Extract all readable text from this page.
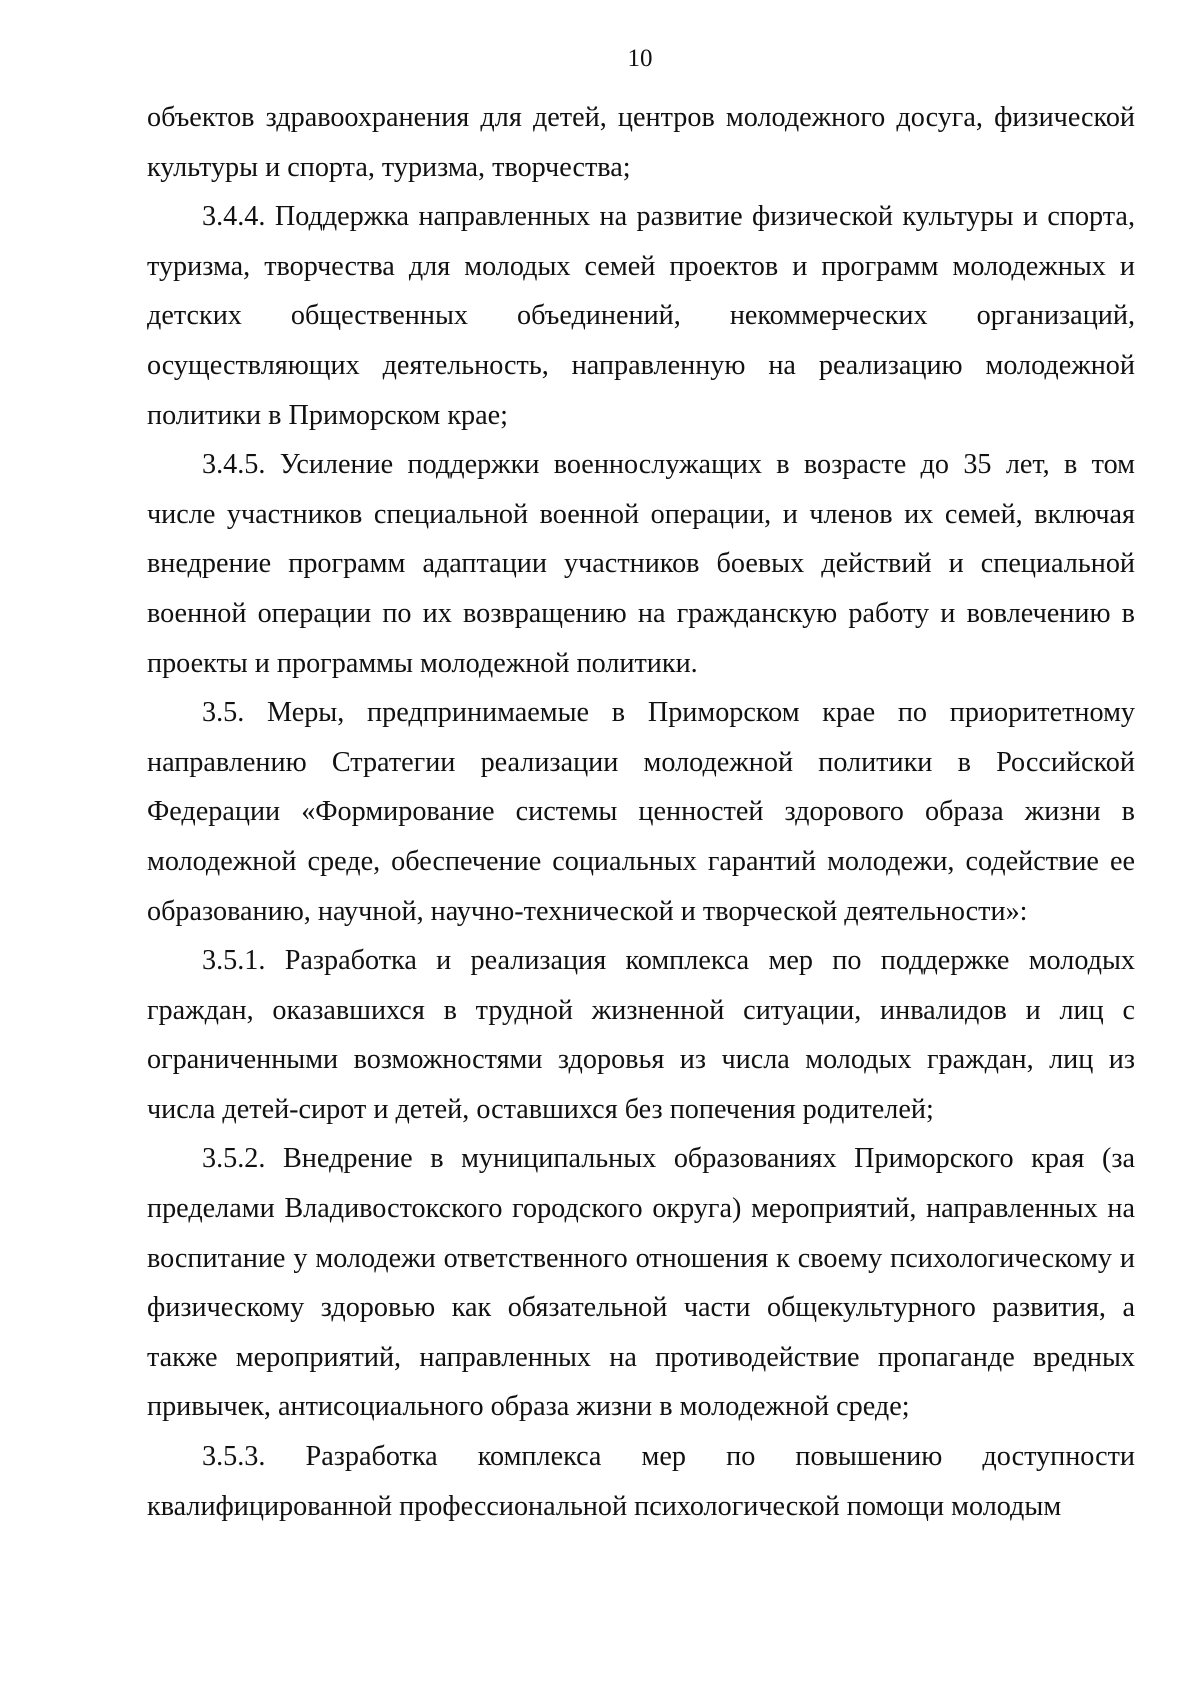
10

объектов здравоохранения для детей, центров молодежного досуга, физической культуры и спорта, туризма, творчества;

3.4.4. Поддержка направленных на развитие физической культуры и спорта, туризма, творчества для молодых семей проектов и программ молодежных и детских общественных объединений, некоммерческих организаций, осуществляющих деятельность, направленную на реализацию молодежной политики в Приморском крае;

3.4.5. Усиление поддержки военнослужащих в возрасте до 35 лет, в том числе участников специальной военной операции, и членов их семей, включая внедрение программ адаптации участников боевых действий и специальной военной операции по их возвращению на гражданскую работу и вовлечению в проекты и программы молодежной политики.

3.5. Меры, предпринимаемые в Приморском крае по приоритетному направлению Стратегии реализации молодежной политики в Российской Федерации «Формирование системы ценностей здорового образа жизни в молодежной среде, обеспечение социальных гарантий молодежи, содействие ее образованию, научной, научно-технической и творческой деятельности»:

3.5.1. Разработка и реализация комплекса мер по поддержке молодых граждан, оказавшихся в трудной жизненной ситуации, инвалидов и лиц с ограниченными возможностями здоровья из числа молодых граждан, лиц из числа детей-сирот и детей, оставшихся без попечения родителей;

3.5.2. Внедрение в муниципальных образованиях Приморского края (за пределами Владивостокского городского округа) мероприятий, направленных на воспитание у молодежи ответственного отношения к своему психологическому и физическому здоровью как обязательной части общекультурного развития, а также мероприятий, направленных на противодействие пропаганде вредных привычек, антисоциального образа жизни в молодежной среде;

3.5.3. Разработка комплекса мер по повышению доступности квалифицированной профессиональной психологической помощи молодым
